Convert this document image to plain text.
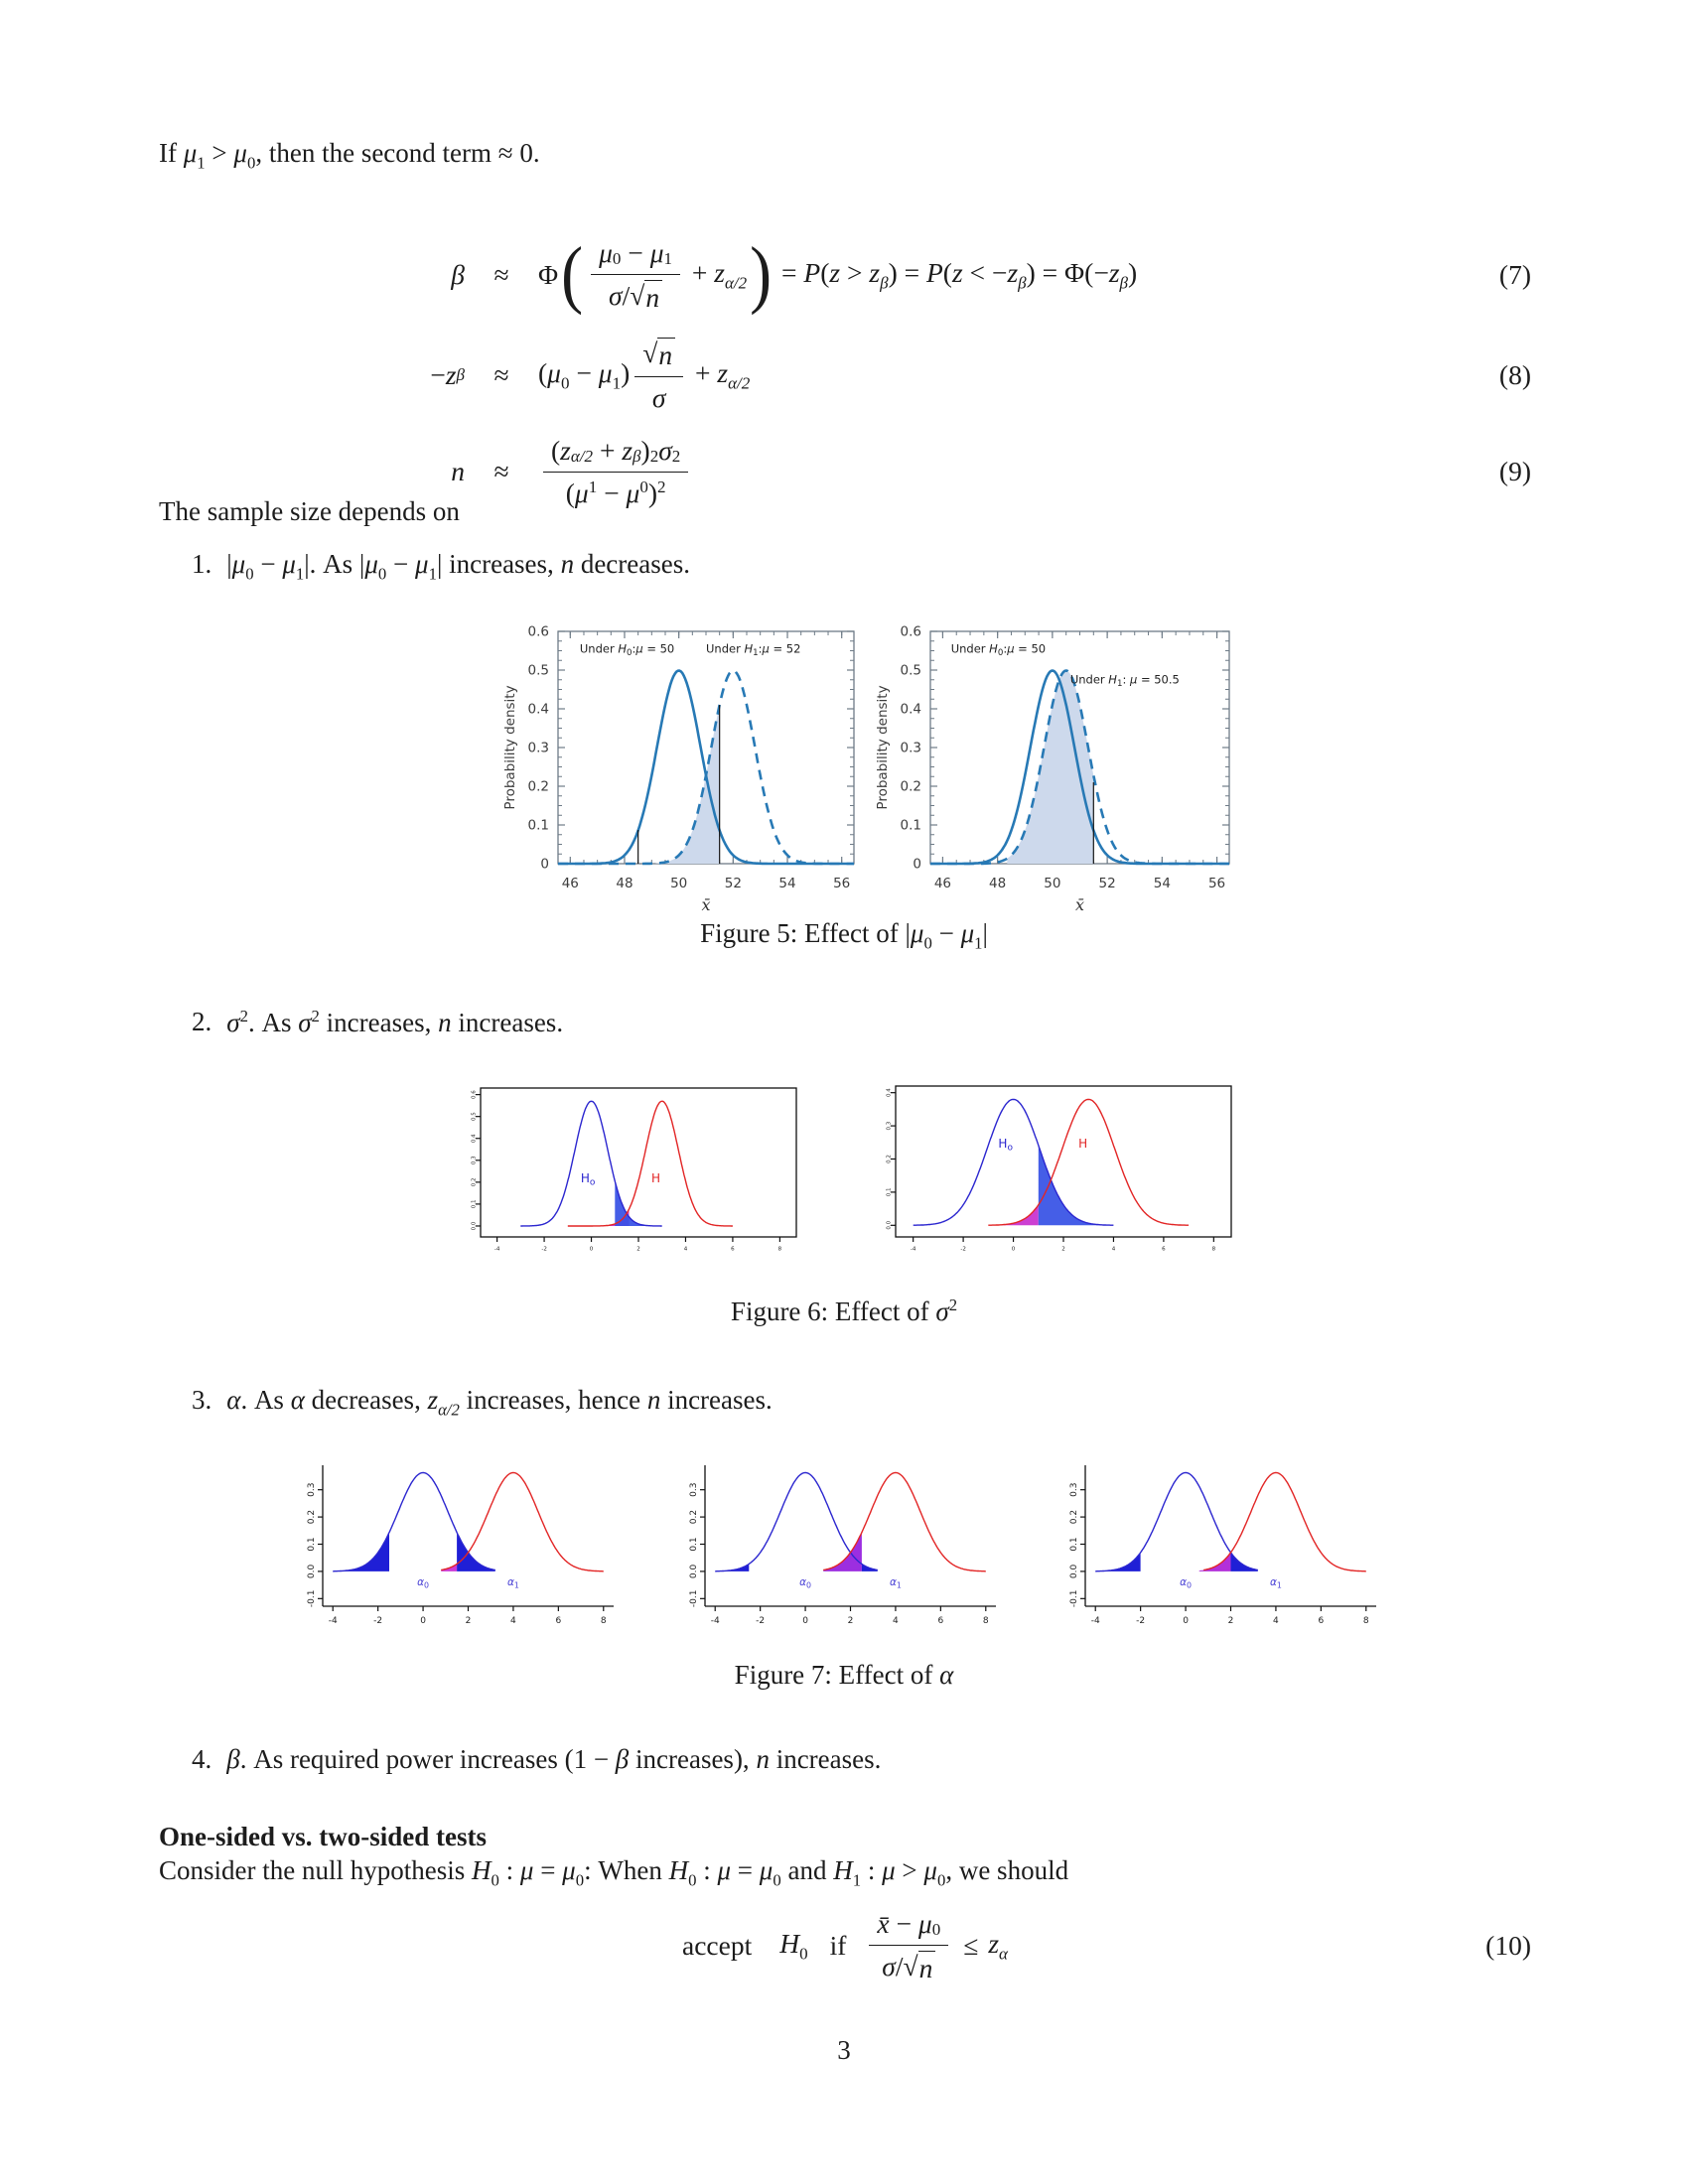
If $\mu_1 > \mu_0$, then the second term ≈ 0.

β	≈	Φ ( $\frac{\mu_0 - \mu_1}{\sigma/ √ n} + z_{\alpha/2}$ ) = $P(z > z_\beta) = P(z < -z_\beta) = \Phi(-z_\beta)$	(7)
− z β	≈	$(\mu_0 - \mu_1) \frac{√ n}{\sigma} + z_{\alpha/2}$	(8)
n	≈	$\frac{( z_{\alpha/2} + z_\beta )_2 \sigma_2}{( \mu 1 - \mu 0 ) 2}$	(9)

The sample size depends on

1. $|\mu_0 - \mu_1|$. As $|\mu_0 - \mu_1|$ increases, n decreases.
46	48	50	52	54	56
0
0.1
0.2
0.3
0.4
0.5
0.6
x̄
Probability density
Under $H_0:\mu = 50$	Under $H_1:\mu = 52$
46	48	50	52	54	56
0
0.1
0.2
0.3
0.4
0.5
0.6
x̄
Probability density
Under $H_0:\mu = 50$
Under $H_1$: μ = 50.5

Figure 5: Effect of $|\mu_0 - \mu_1|$

2. $\sigma^2$. As $\sigma^2$ increases, n increases.
-4	-2	0	2	4	6	8
0.0
0.1
0.2
0.3
0.4
0.5
0.6
$H_o$	H
-4	-2	0	2	4	6	8
0.0
0.1
0.2
0.3
0.4
$H_o$	H

Figure 6: Effect of $\sigma^2$

3. α. As α decreases, $z_{\alpha/2}$ increases, hence n increases.
-4	-2	0	2	4	6	8
-0.1
0.0
0.1
0.2
0.3
$\alpha_0$	$\alpha_1$
-4	-2	0	2	4	6	8
-0.1
0.0
0.1
0.2
0.3
$\alpha_0$	$\alpha_1$
-4	-2	0	2	4	6	8
-0.1
0.0
0.1
0.2
0.3
$\alpha_0$	$\alpha_1$

Figure 7: Effect of α

4. β. As required power increases (1 − β increases), n increases.

One-sided vs. two-sided tests

Consider the null hypothesis $H_0$ : $\mu = \mu_0$: When $H_0$ : $\mu = \mu_0$ and $H_1$ : $\mu > \mu_0$, we should

accept $H_0$ if $\frac{x̄ - \mu_0}{\sigma/ √ n} \le z_\alpha$	(10)

3
